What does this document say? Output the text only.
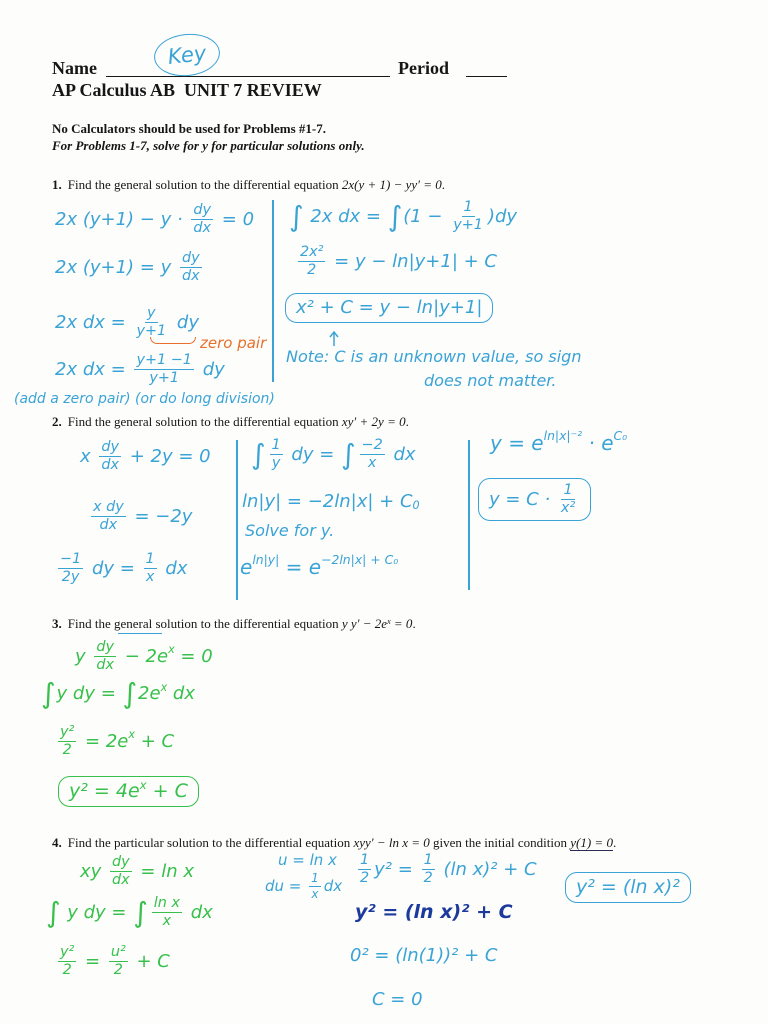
Name	Key	Period
AP Calculus AB  UNIT 7 REVIEW
No Calculators should be used for Problems #1-7.
For Problems 1-7, solve for y for particular solutions only.
1. Find the general solution to the differential equation 2x(y + 1) − yy′ = 0.
2. Find the general solution to the differential equation xy′ + 2y = 0.
3. Find the general solution to the differential equation y $y' - 2e^x = 0$.
4. Find the particular solution to the differential equation xyy′ − ln x = 0 given the initial condition y(1) = 0.
2x $(y+1) - y \cdot \frac{dy}{dx} = 0$
2x (y+1) = y $\frac{dy}{dx}$
2x dx = $\frac{y}{y+1}$ dy
2x dx = $\frac{y+1 -1}{y+1}$ dy
zero pair
(add a zero pair) (or do long division)
∫ 2x dx = ∫ $(1 - \frac{1}{y+1} )dy$
$\frac{\text{2x²}}{2} = y - \ln|y+1| + C$
x² + C = y − ln|y+1|
Note: C is an unknown value, so sign
does not matter.
x $\frac{dy}{dx} + 2y = 0$
$\frac{\text{x dy}}{dx} = -2y$
$\frac{-1}{2y}$ dy = $\frac{1}{x}$ dx
∫ $\frac{1}{y}$ dy = ∫ $\frac{-2}{x}$ dx
ln|y| = −2ln|x| + C 0
Solve for y.
e ln|y| = e −2ln|x| + C₀
y = e ln|x|⁻² · e C₀
$y = C \cdot \frac{1}{\text{x²}}$
y $\frac{dy}{dx} - 2e$ x = 0
∫ y dy = ∫ 2e x dx
$\frac{\text{y²}}{2} = 2e$ x + C
y² = 4e x + C
xy $\frac{dy}{dx} = \ln x$
∫ y dy = ∫ $\frac{\text{ln x}}{x}$ dx
$\frac{\text{y²}}{2} = \frac{\text{u²}}{2} + C$
u = ln x
du = $\frac{1}{x}$ dx $\frac{1}{2} y^2 = \frac{1}{2} (\ln$ x)² + C
y² = (ln x)² + C
0² = (ln(1))² + C
C = 0
y² = (ln x)²
